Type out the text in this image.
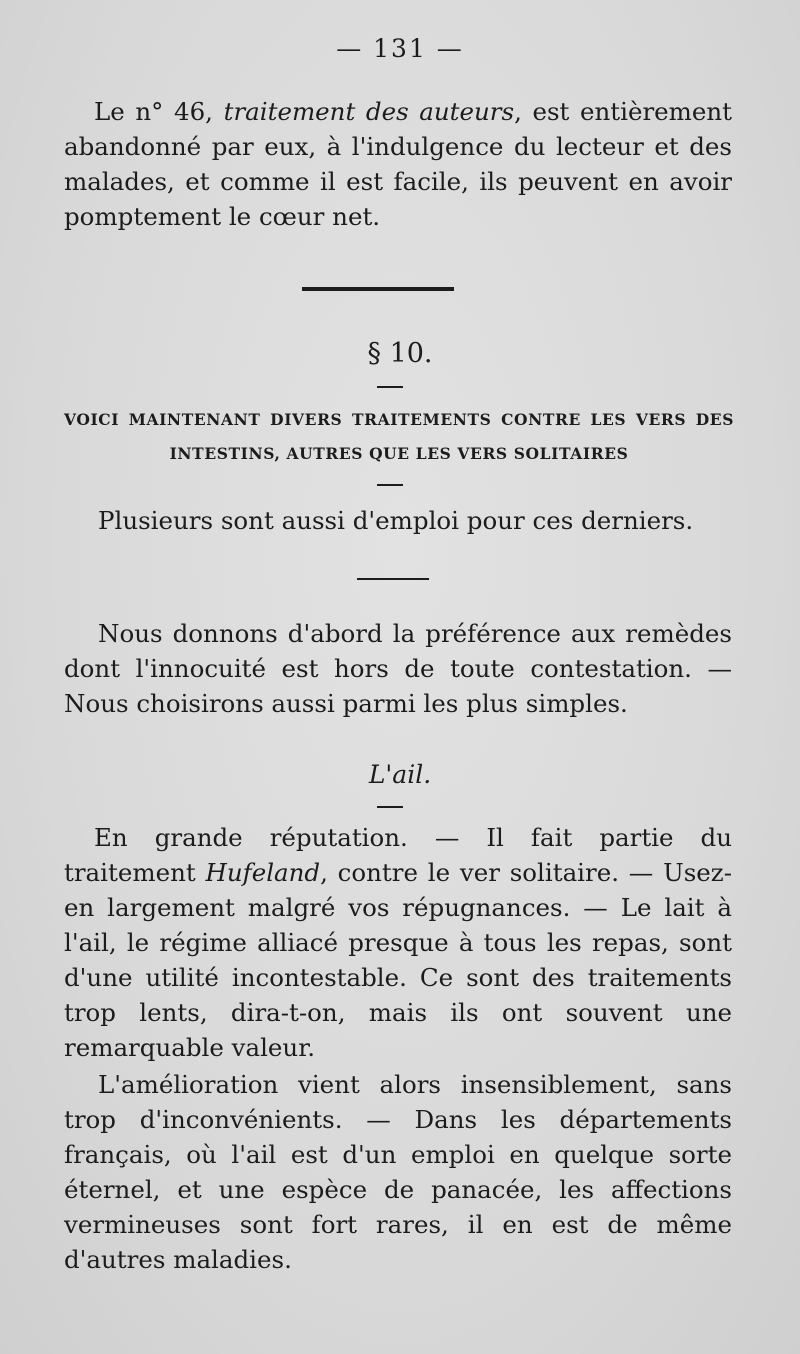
— 131 —

Le n° 46, traitement des auteurs, est entièrement abandonné par eux, à l'indulgence du lecteur et des malades, et comme il est facile, ils peuvent en avoir pomptement le cœur net.

§ 10.
VOICI MAINTENANT DIVERS TRAITEMENTS CONTRE LES VERS DES
INTESTINS, AUTRES QUE LES VERS SOLITAIRES

Plusieurs sont aussi d'emploi pour ces derniers.

Nous donnons d'abord la préférence aux remèdes dont l'innocuité est hors de toute contestation. — Nous choisirons aussi parmi les plus simples.

L'ail.

En grande réputation. — Il fait partie du traitement Hufeland, contre le ver solitaire. — Usez-en largement malgré vos répugnances. — Le lait à l'ail, le régime alliacé presque à tous les repas, sont d'une utilité incontestable. Ce sont des traitements trop lents, dira-t-on, mais ils ont souvent une remarquable valeur.

L'amélioration vient alors insensiblement, sans trop d'inconvénients. — Dans les départements français, où l'ail est d'un emploi en quelque sorte éternel, et une espèce de panacée, les affections vermineuses sont fort rares, il en est de même d'autres maladies.
